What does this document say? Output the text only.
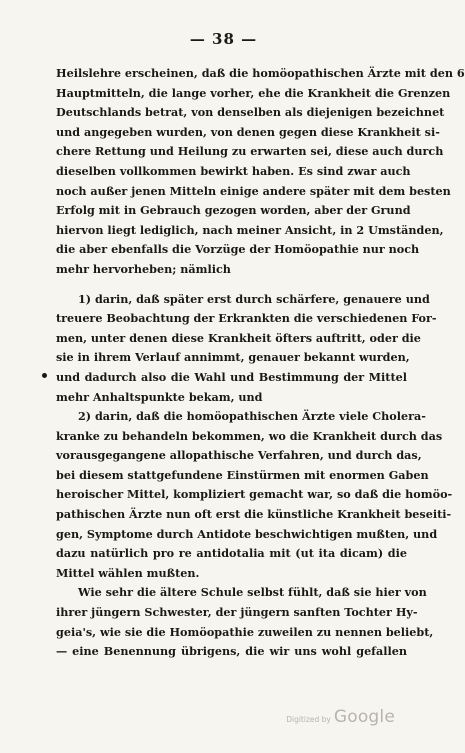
— 38 —
Heilslehre erscheinen, daß die homöopathischen Ärzte mit den 6
Hauptmitteln, die lange vorher, ehe die Krankheit die Grenzen
Deutschlands betrat, von denselben als diejenigen bezeichnet
und angegeben wurden, von denen gegen diese Krankheit si-
chere Rettung und Heilung zu erwarten sei, diese auch durch
dieselben vollkommen bewirkt haben. Es sind zwar auch
noch außer jenen Mitteln einige andere später mit dem besten
Erfolg mit in Gebrauch gezogen worden, aber der Grund
hiervon liegt lediglich, nach meiner Ansicht, in 2 Umständen,
die aber ebenfalls die Vorzüge der Homöopathie nur noch
mehr hervorheben; nämlich
1) darin, daß später erst durch schärfere, genauere und
treuere Beobachtung der Erkrankten die verschiedenen For-
men, unter denen diese Krankheit öfters auftritt, oder die
sie in ihrem Verlauf annimmt, genauer bekannt wurden,
und dadurch also die Wahl und Bestimmung der Mittel
mehr Anhaltspunkte bekam, und
2) darin, daß die homöopathischen Ärzte viele Cholera-
kranke zu behandeln bekommen, wo die Krankheit durch das
vorausgegangene allopathische Verfahren, und durch das,
bei diesem stattgefundene Einstürmen mit enormen Gaben
heroischer Mittel, kompliziert gemacht war, so daß die homöo-
pathischen Ärzte nun oft erst die künstliche Krankheit beseiti-
gen, Symptome durch Antidote beschwichtigen mußten, und
dazu natürlich pro re antidotalia mit (ut ita dicam) die
Mittel wählen mußten.
Wie sehr die ältere Schule selbst fühlt, daß sie hier von
ihrer jüngern Schwester, der jüngern sanften Tochter Hy-
geia's, wie sie die Homöopathie zuweilen zu nennen beliebt,
— eine Benennung übrigens, die wir uns wohl gefallen
Digitized by Google
